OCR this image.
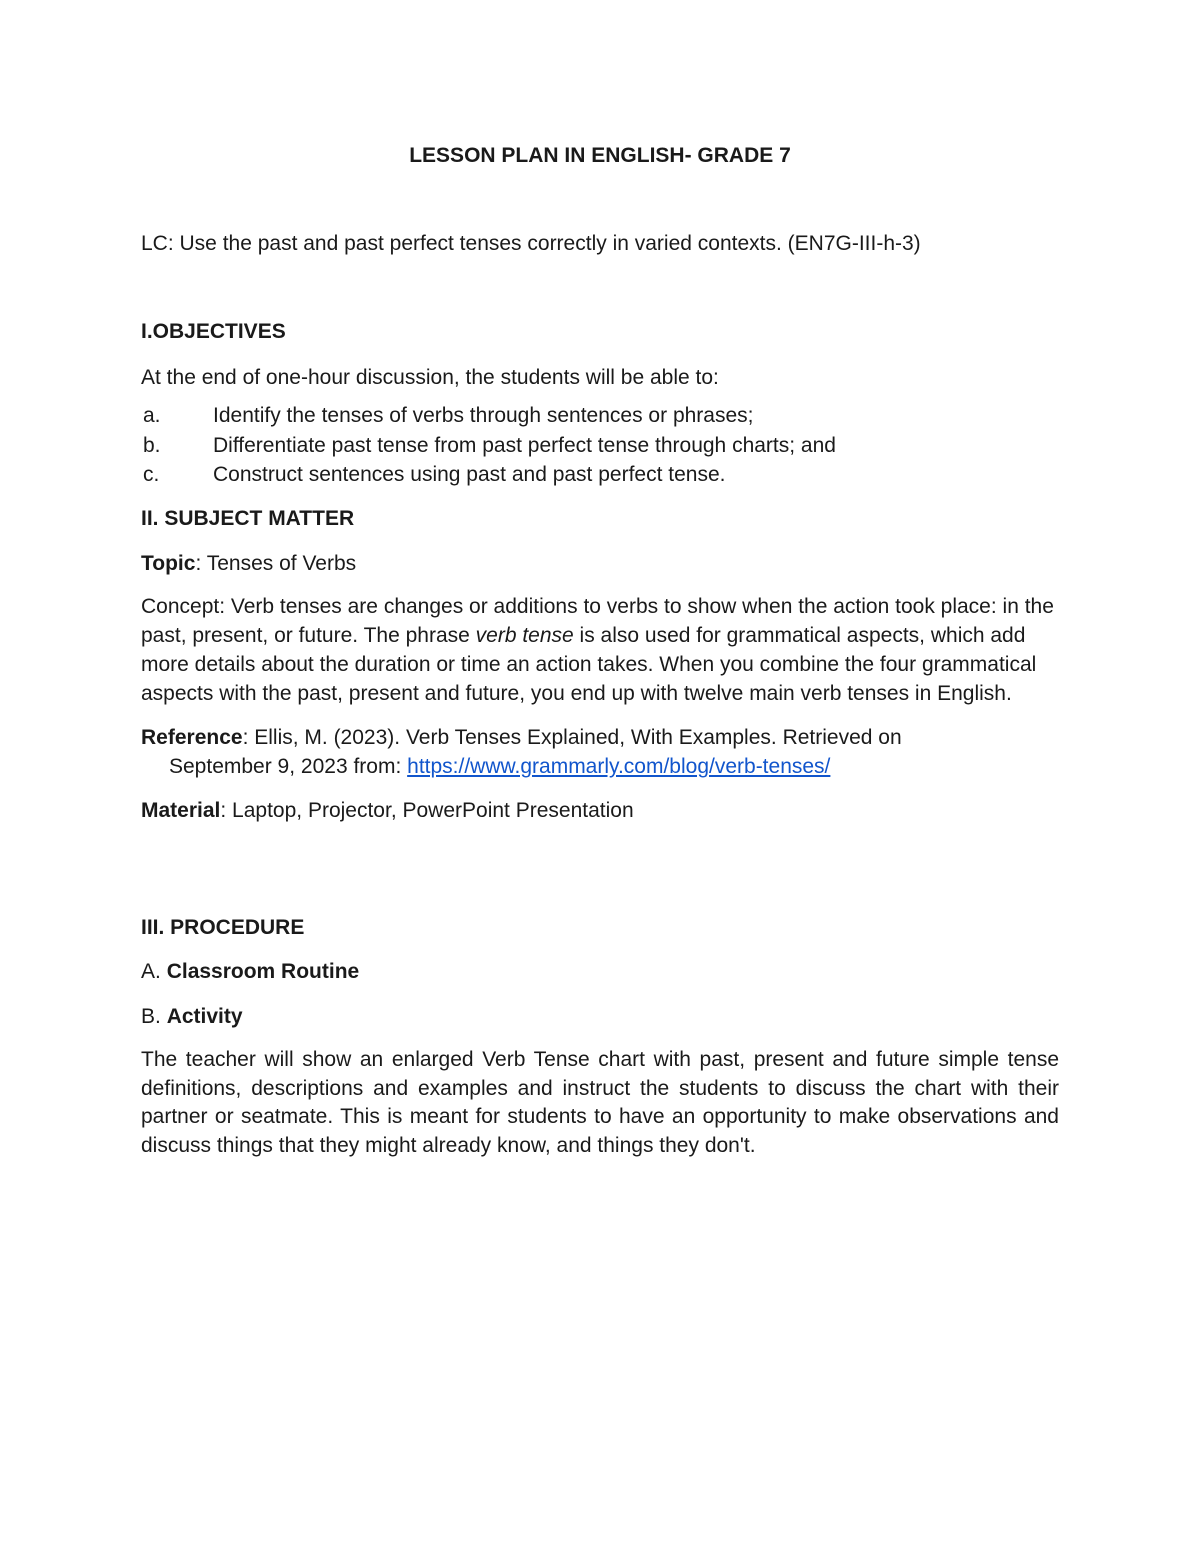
LESSON PLAN IN ENGLISH- GRADE 7
LC: Use the past and past perfect tenses correctly in varied contexts. (EN7G-III-h-3)
I.OBJECTIVES
At the end of one-hour discussion, the students will be able to:
a.	Identify the tenses of verbs through sentences or phrases;
b.	Differentiate past tense from past perfect tense through charts; and
c.	Construct sentences using past and past perfect tense.
II. SUBJECT MATTER

Topic: Tenses of Verbs

Concept: Verb tenses are changes or additions to verbs to show when the action took place: in the past, present, or future. The phrase verb tense is also used for grammatical aspects, which add more details about the duration or time an action takes. When you combine the four grammatical aspects with the past, present and future, you end up with twelve main verb tenses in English.

Reference: Ellis, M. (2023). Verb Tenses Explained, With Examples. Retrieved on
September 9, 2023 from: https://www.grammarly.com/blog/verb-tenses/

Material: Laptop, Projector, PowerPoint Presentation

III. PROCEDURE

A. Classroom Routine

B. Activity

The teacher will show an enlarged Verb Tense chart with past, present and future simple tense definitions, descriptions and examples and instruct the students to discuss the chart with their partner or seatmate. This is meant for students to have an opportunity to make observations and discuss things that they might already know, and things they don't.
